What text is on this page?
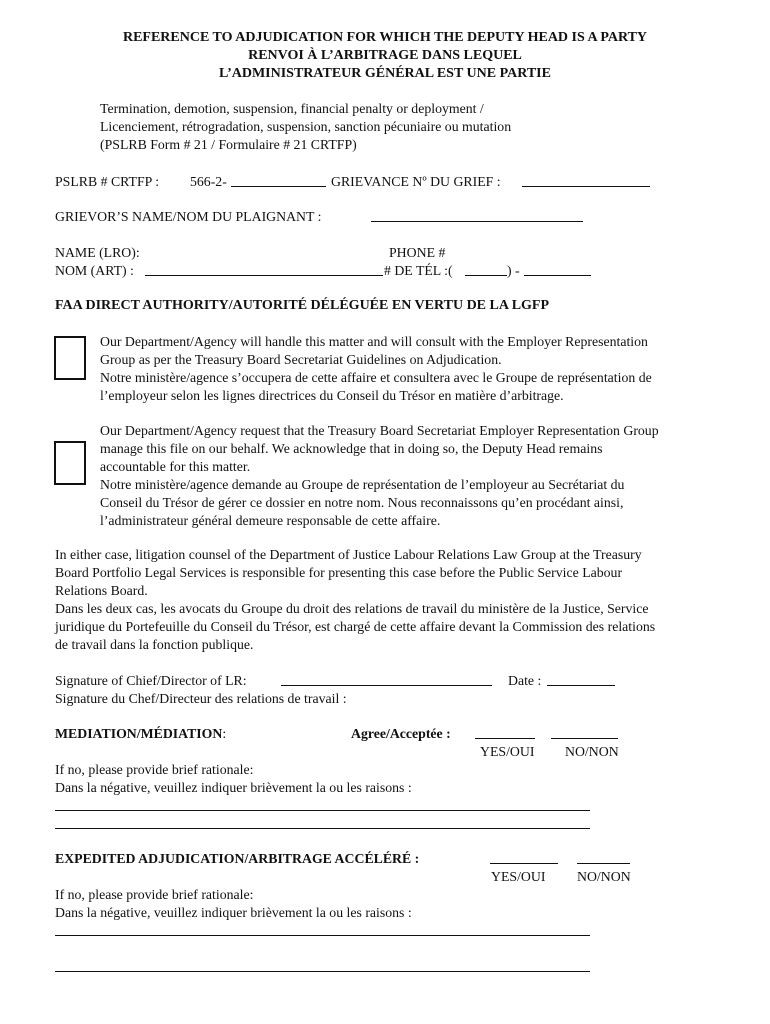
REFERENCE TO ADJUDICATION FOR WHICH THE DEPUTY HEAD IS A PARTY
RENVOI À L’ARBITRAGE DANS LEQUEL
L’ADMINISTRATEUR GÉNÉRAL EST UNE PARTIE
Termination, demotion, suspension, financial penalty or deployment /
Licenciement, rétrogradation, suspension, sanction pécuniaire ou mutation
(PSLRB Form # 21 / Formulaire # 21 CRTFP)
PSLRB # CRTFP : 566-2-	GRIEVANCE Nº DU GRIEF :
GRIEVOR’S NAME/NOM DU PLAIGNANT :
NAME (LRO):	PHONE #
NOM (ART) :	# DE TÉL :(	) -
FAA DIRECT AUTHORITY/AUTORITÉ DÉLÉGUÉE EN VERTU DE LA LGFP
Our Department/Agency will handle this matter and will consult with the Employer Representation
Group as per the Treasury Board Secretariat Guidelines on Adjudication.
Notre ministère/agence s’occupera de cette affaire et consultera avec le Groupe de représentation de
l’employeur selon les lignes directrices du Conseil du Trésor en matière d’arbitrage.
Our Department/Agency request that the Treasury Board Secretariat Employer Representation Group
manage this file on our behalf. We acknowledge that in doing so, the Deputy Head remains
accountable for this matter.
Notre ministère/agence demande au Groupe de représentation de l’employeur au Secrétariat du
Conseil du Trésor de gérer ce dossier en notre nom. Nous reconnaissons qu’en procédant ainsi,
l’administrateur général demeure responsable de cette affaire.
In either case, litigation counsel of the Department of Justice Labour Relations Law Group at the Treasury
Board Portfolio Legal Services is responsible for presenting this case before the Public Service Labour
Relations Board.
Dans les deux cas, les avocats du Groupe du droit des relations de travail du ministère de la Justice, Service
juridique du Portefeuille du Conseil du Trésor, est chargé de cette affaire devant la Commission des relations
de travail dans la fonction publique.
Signature of Chief/Director of LR:	Date :
Signature du Chef/Directeur des relations de travail :
MEDIATION/MÉDIATION:	Agree/Acceptée :
YES/OUI NO/NON
If no, please provide brief rationale:
Dans la négative, veuillez indiquer brièvement la ou les raisons :
EXPEDITED ADJUDICATION/ARBITRAGE ACCÉLÉRÉ :
YES/OUI NO/NON
If no, please provide brief rationale:
Dans la négative, veuillez indiquer brièvement la ou les raisons :
